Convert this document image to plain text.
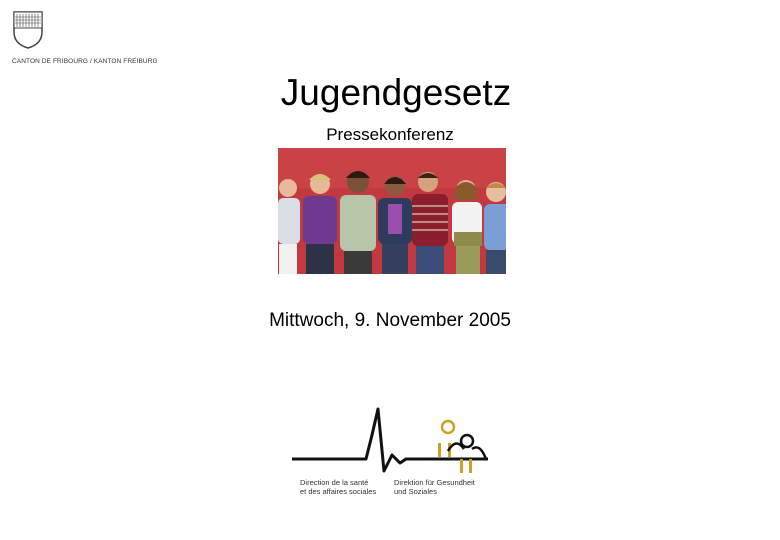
CANTON DE FRIBOURG / KANTON FREIBURG
Jugendgesetz
Pressekonferenz
Mittwoch, 9. November 2005
Direction de la santé
et des affaires sociales
Direktion für Gesundheit
und Soziales
